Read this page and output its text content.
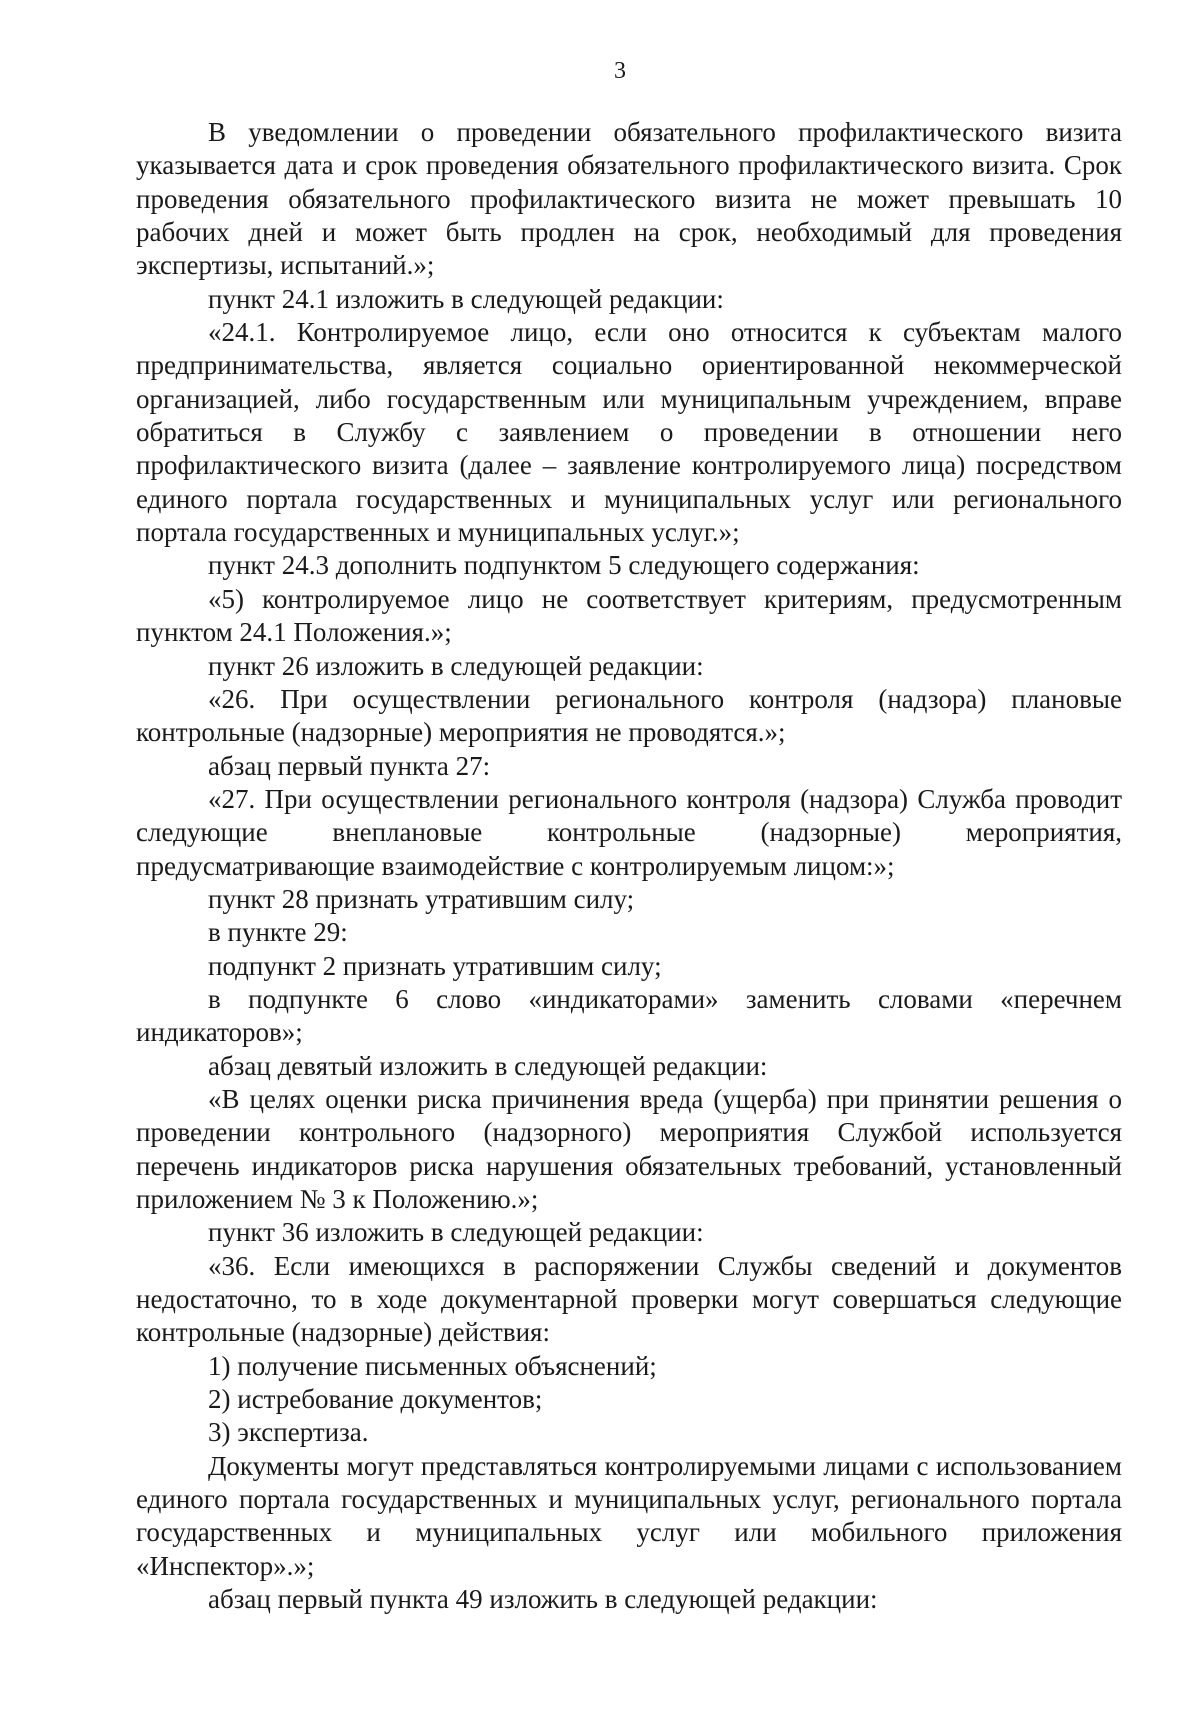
3

В уведомлении о проведении обязательного профилактического визита указывается дата и срок проведения обязательного профилактического визита. Срок проведения обязательного профилактического визита не может превышать 10 рабочих дней и может быть продлен на срок, необходимый для проведения экспертизы, испытаний.»;

пункт 24.1 изложить в следующей редакции:

«24.1. Контролируемое лицо, если оно относится к субъектам малого предпринимательства, является социально ориентированной некоммерческой организацией, либо государственным или муниципальным учреждением, вправе обратиться в Службу с заявлением о проведении в отношении него профилактического визита (далее – заявление контролируемого лица) посредством единого портала государственных и муниципальных услуг или регионального портала государственных и муниципальных услуг.»;

пункт 24.3 дополнить подпунктом 5 следующего содержания:

«5) контролируемое лицо не соответствует критериям, предусмотренным пунктом 24.1 Положения.»;

пункт 26 изложить в следующей редакции:

«26. При осуществлении регионального контроля (надзора) плановые контрольные (надзорные) мероприятия не проводятся.»;

абзац первый пункта 27:

«27. При осуществлении регионального контроля (надзора) Служба проводит следующие внеплановые контрольные (надзорные) мероприятия, предусматривающие взаимодействие с контролируемым лицом:»;

пункт 28 признать утратившим силу;

в пункте 29:

подпункт 2 признать утратившим силу;

в подпункте 6 слово «индикаторами» заменить словами «перечнем индикаторов»;

абзац девятый изложить в следующей редакции:

«В целях оценки риска причинения вреда (ущерба) при принятии решения о проведении контрольного (надзорного) мероприятия Службой используется перечень индикаторов риска нарушения обязательных требований, установленный приложением № 3 к Положению.»;

пункт 36 изложить в следующей редакции:

«36. Если имеющихся в распоряжении Службы сведений и документов недостаточно, то в ходе документарной проверки могут совершаться следующие контрольные (надзорные) действия:

1) получение письменных объяснений;

2) истребование документов;

3) экспертиза.

Документы могут представляться контролируемыми лицами с использованием единого портала государственных и муниципальных услуг, регионального портала государственных и муниципальных услуг или мобильного приложения «Инспектор».»;

абзац первый пункта 49 изложить в следующей редакции:
